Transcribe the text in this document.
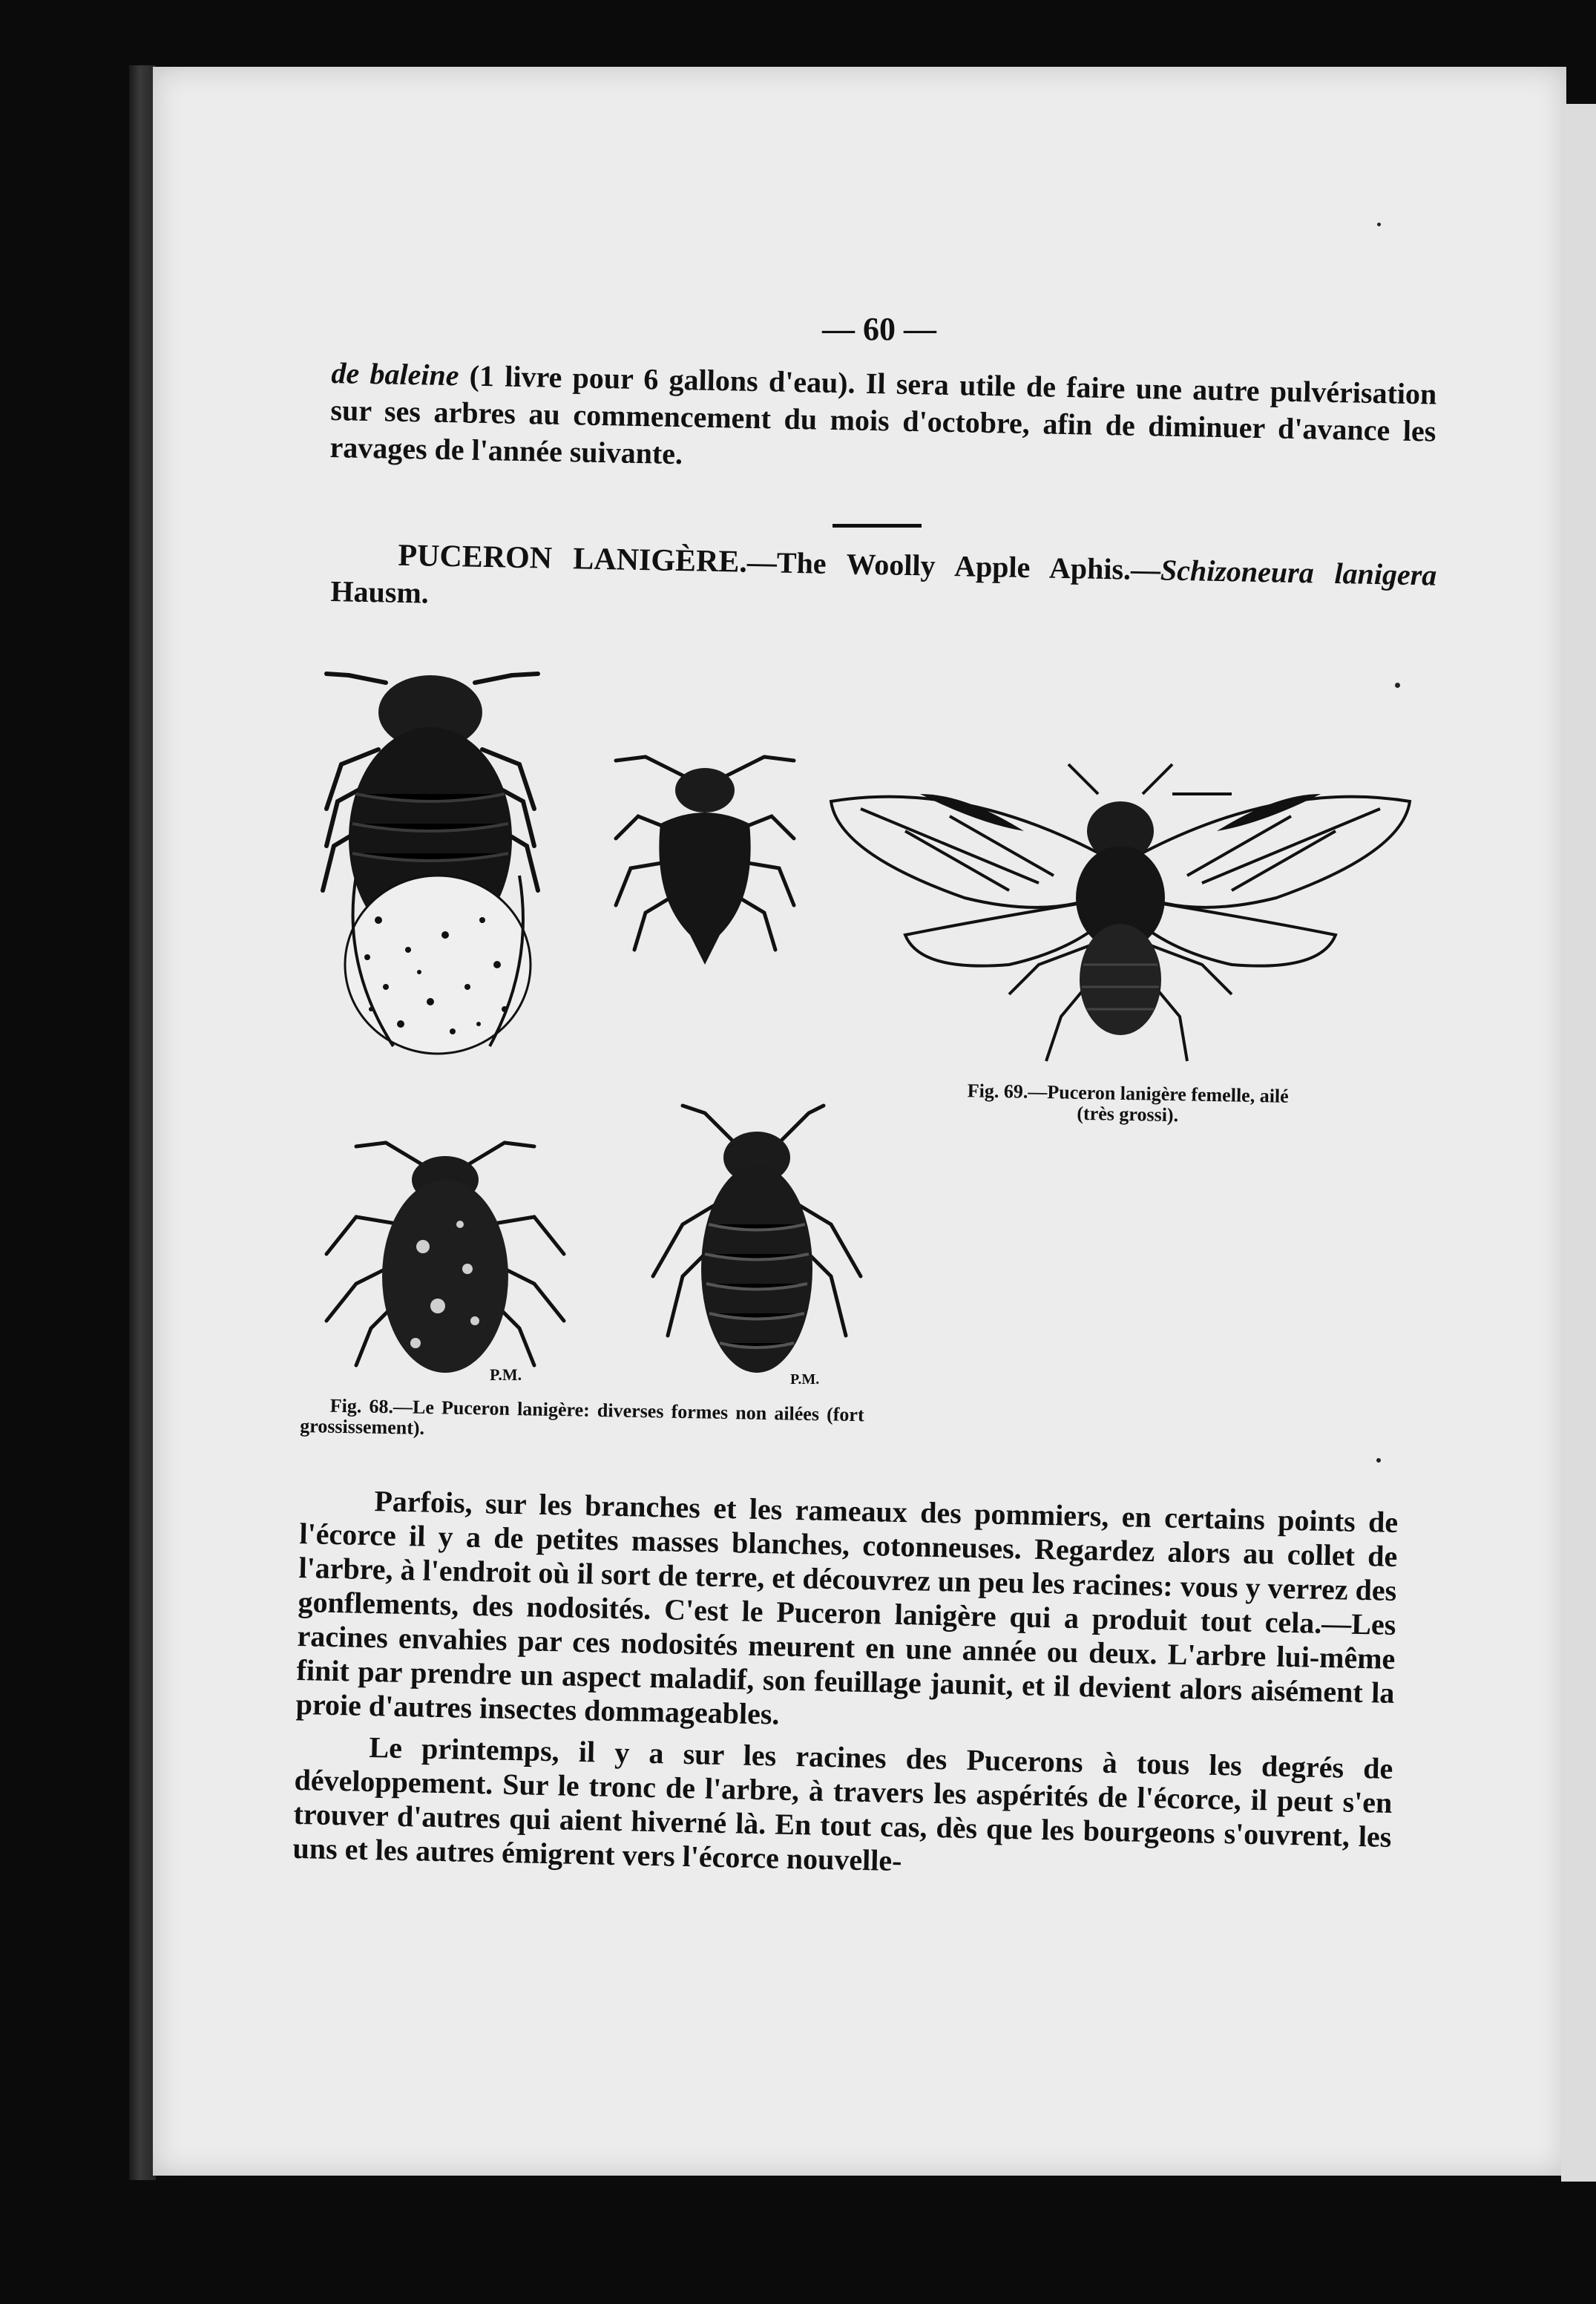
— 60 —

de baleine (1 livre pour 6 gallons d'eau). Il sera utile de faire une autre pulvérisation sur ses arbres au commencement du mois d'octobre, afin de diminuer d'avance les ravages de l'année suivante.

PUCERON LANIGÈRE.—The Woolly Apple Aphis.—Schizoneura lanigera Hausm.

Fig. 69.—Puceron lanigère femelle, ailé
(très grossi).
P.M.	P.M.
Fig. 68.—Le Puceron lanigère: diverses formes non ailées (fort grossissement).

Parfois, sur les branches et les rameaux des pommiers, en certains points de l'écorce il y a de petites masses blanches, cotonneuses. Regardez alors au collet de l'arbre, à l'endroit où il sort de terre, et découvrez un peu les racines: vous y verrez des gonflements, des nodosités. C'est le Puceron lanigère qui a produit tout cela.—Les racines envahies par ces nodosités meurent en une année ou deux. L'arbre lui-même finit par prendre un aspect maladif, son feuillage jaunit, et il devient alors aisément la proie d'autres insectes dommageables.

Le printemps, il y a sur les racines des Pucerons à tous les degrés de développement. Sur le tronc de l'arbre, à travers les aspérités de l'écorce, il peut s'en trouver d'autres qui aient hiverné là. En tout cas, dès que les bourgeons s'ouvrent, les uns et les autres émigrent vers l'écorce nouvelle-
